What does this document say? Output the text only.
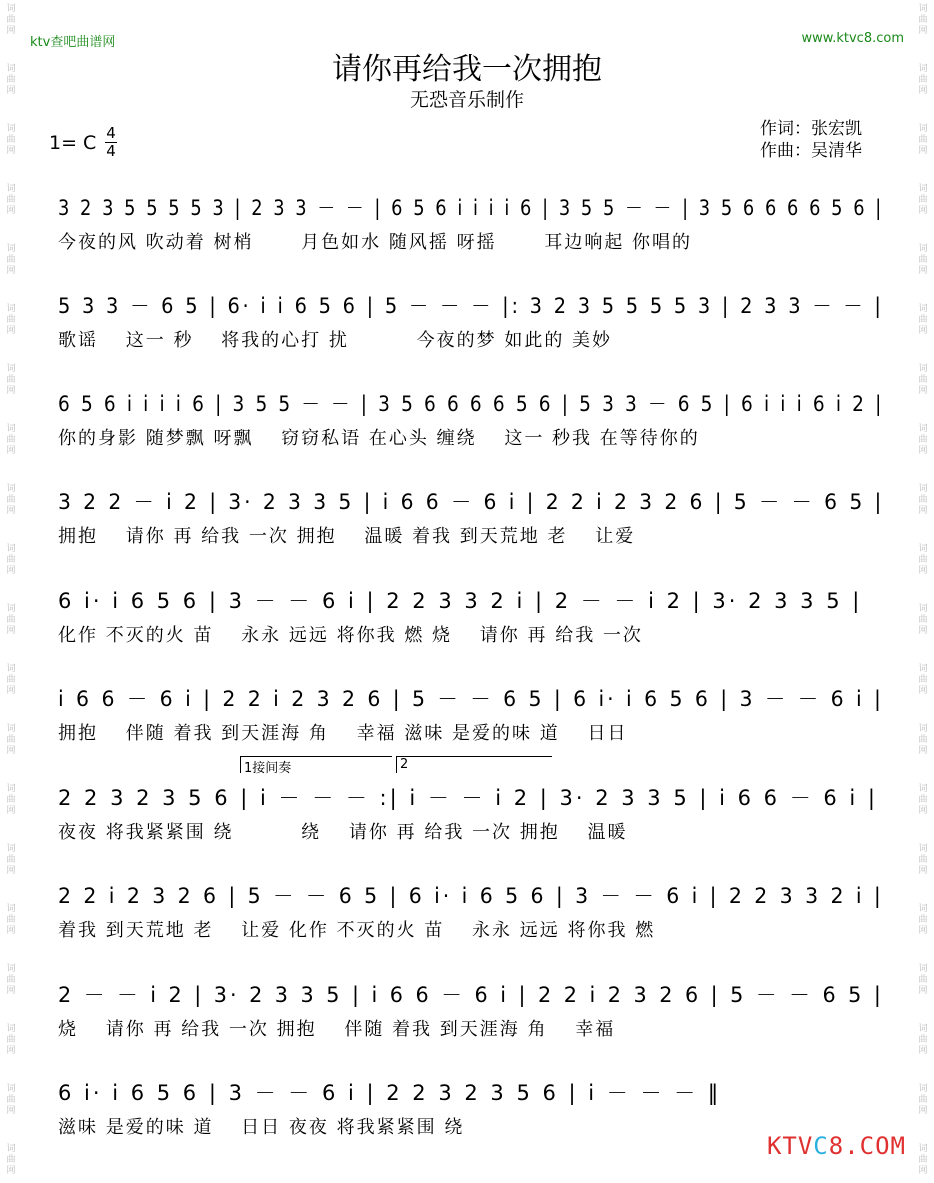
词
曲
网
词
曲
网
词
曲
网
词
曲
网
词
曲
网
词
曲
网
词
曲
网
词
曲
网
词
曲
网
词
曲
网
词
曲
网
词
曲
网
词
曲
网
词
曲
网
词
曲
网
词
曲
网
词
曲
网
词
曲
网
词
曲
网
词
曲
网
词
曲
网
词
曲
网
词
曲
网
词
曲
网
词
曲
网
词
曲
网
词
曲
网
词
曲
网
词
曲
网
词
曲
网
词
曲
网
词
曲
网
词
曲
网
词
曲
网
词
曲
网
词
曲
网
词
曲
网
词
曲
网
词
曲
网
词
曲
网
ktv查吧曲谱网	www.ktvc8.com
请你再给我一次拥抱
无恐音乐制作
作词：张宏凯
作曲：吴清华
1= C 4
4
3 2 3 5 5 5 5 3 | 2 3 3 － － | 6 5 6 i i i i 6 | 3 5 5 － － | 3 5 6 6 6 6 5 6 |
今夜的风 吹动着 树梢 　　月色如水 随风摇 呀摇 　　耳边响起 你唱的
5 3 3 － 6 5 | 6· i i 6 5 6 | 5 － － － |: 3 2 3 5 5 5 5 3 | 2 3 3 － － |
歌谣 　这一 秒 　将我的心打 扰 　　　今夜的梦 如此的 美妙
6 5 6 i i i i 6 | 3 5 5 － － | 3 5 6 6 6 6 5 6 | 5 3 3 － 6 5 | 6 i i i 6 i 2 |
你的身影 随梦飘 呀飘 　窃窃私语 在心头 缠绕 　这一 秒我 在等待你的
3 2 2 － i 2 | 3· 2 3 3 5 | i 6 6 － 6 i | 2 2 i 2 3 2 6 | 5 － － 6 5 |
拥抱 　请你 再 给我 一次 拥抱 　温暖 着我 到天荒地 老 　让爱
6 i· i 6 5 6 | 3 － － 6 i | 2 2 3 3 2 i | 2 － － i 2 | 3· 2 3 3 5 |
化作 不灭的火 苗 　永永 远远 将你我 燃 烧 　请你 再 给我 一次
i 6 6 － 6 i | 2 2 i 2 3 2 6 | 5 － － 6 5 | 6 i· i 6 5 6 | 3 － － 6 i |
拥抱 　伴随 着我 到天涯海 角 　幸福 滋味 是爱的味 道 　日日
1接间奏	2
2 2 3 2 3 5 6 | i － － － :| i － － i 2 | 3· 2 3 3 5 | i 6 6 － 6 i |
夜夜 将我紧紧围 绕 　　　绕 　请你 再 给我 一次 拥抱 　温暖
2 2 i 2 3 2 6 | 5 － － 6 5 | 6 i· i 6 5 6 | 3 － － 6 i | 2 2 3 3 2 i |
着我 到天荒地 老 　让爱 化作 不灭的火 苗 　永永 远远 将你我 燃
2 － － i 2 | 3· 2 3 3 5 | i 6 6 － 6 i | 2 2 i 2 3 2 6 | 5 － － 6 5 |
烧 　请你 再 给我 一次 拥抱 　伴随 着我 到天涯海 角 　幸福
6 i· i 6 5 6 | 3 － － 6 i | 2 2 3 2 3 5 6 | i － － － ‖
滋味 是爱的味 道 　日日 夜夜 将我紧紧围 绕
KTVC8.COM
